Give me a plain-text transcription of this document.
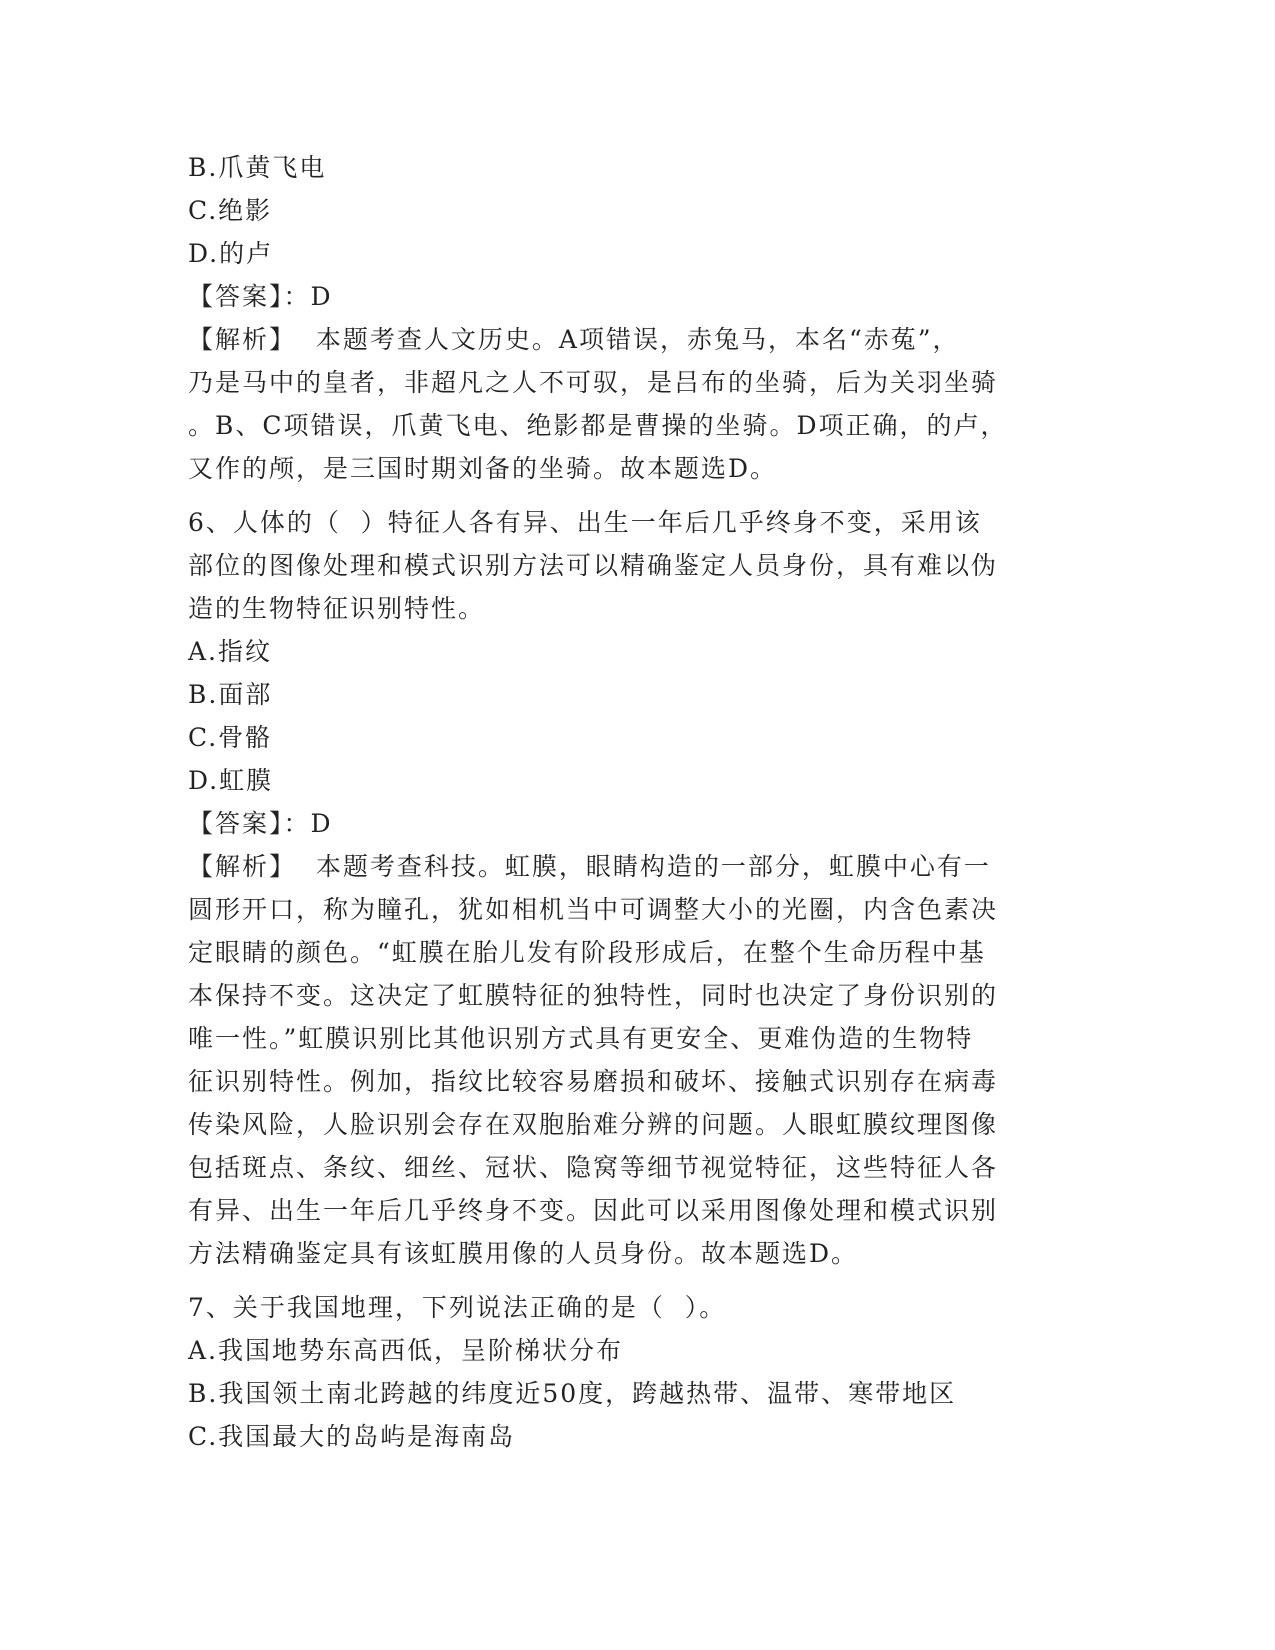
B.爪黄飞电
C.绝影
D.的卢
【答案】：D
【解析】  本题考查人文历史。A项错误，赤兔马，本名“赤菟”，
乃是马中的皇者，非超凡之人不可驭，是吕布的坐骑，后为关羽坐骑
。B、C项错误，爪黄飞电、绝影都是曹操的坐骑。D项正确，的卢，
又作的颅，是三国时期刘备的坐骑。故本题选D。
6、人体的（  ）特征人各有异、出生一年后几乎终身不变，采用该
部位的图像处理和模式识别方法可以精确鉴定人员身份，具有难以伪
造的生物特征识别特性。
A.指纹
B.面部
C.骨骼
D.虹膜
【答案】：D
【解析】  本题考查科技。虹膜，眼睛构造的一部分，虹膜中心有一
圆形开口，称为瞳孔，犹如相机当中可调整大小的光圈，内含色素决
定眼睛的颜色。“虹膜在胎儿发有阶段形成后，在整个生命历程中基
本保持不变。这决定了虹膜特征的独特性，同时也决定了身份识别的
唯一性。”虹膜识别比其他识别方式具有更安全、更难伪造的生物特
征识别特性。例加，指纹比较容易磨损和破坏、接触式识别存在病毒
传染风险，人脸识别会存在双胞胎难分辨的问题。人眼虹膜纹理图像
包括斑点、条纹、细丝、冠状、隐窝等细节视觉特征，这些特征人各
有异、出生一年后几乎终身不变。因此可以采用图像处理和模式识别
方法精确鉴定具有该虹膜用像的人员身份。故本题选D。
7、关于我国地理，下列说法正确的是（  ）。
A.我国地势东高西低，呈阶梯状分布
B.我国领土南北跨越的纬度近50度，跨越热带、温带、寒带地区
C.我国最大的岛屿是海南岛
